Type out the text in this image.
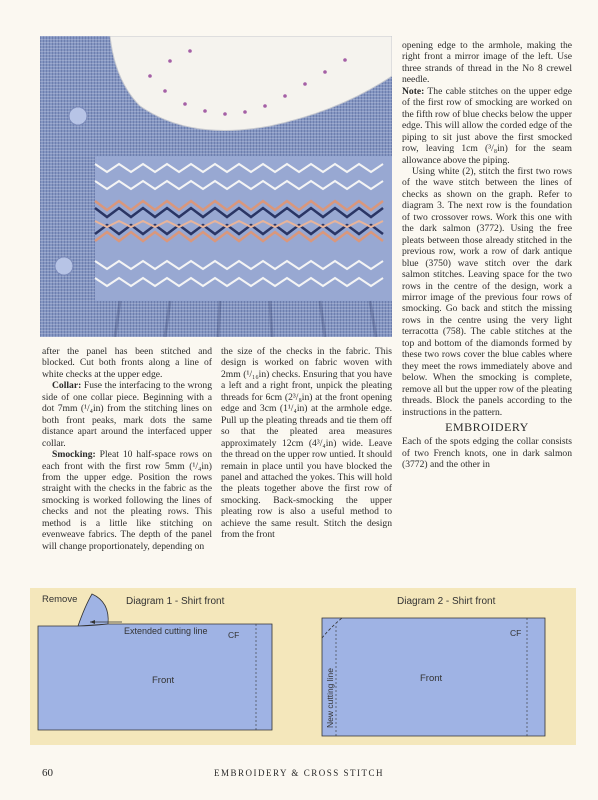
opening edge to the armhole, making the right front a mirror image of the left. Use three strands of thread in the No 8 crewel needle.

Note: The cable stitches on the upper edge of the first row of smocking are worked on the fifth row of blue checks below the upper edge. This will allow the corded edge of the piping to sit just above the first smocked row, leaving 1cm (³/₈in) for the seam allowance above the piping.

Using white (2), stitch the first two rows of the wave stitch between the lines of checks as shown on the graph. Refer to diagram 3. The next row is the foundation of two crossover rows. Work this one with the dark salmon (3772). Using the free pleats between those already stitched in the previous row, work a row of dark antique blue (3750) wave stitch over the dark salmon stitches. Leaving space for the two rows in the centre of the design, work a mirror image of the previous four rows of smocking. Go back and stitch the missing rows in the centre using the very light terracotta (758). The cable stitches at the top and bottom of the diamonds formed by these two rows cover the blue cables where they meet the rows immediately above and below. When the smocking is complete, remove all but the upper row of the pleating threads. Block the panels according to the instructions in the pattern.

EMBROIDERY

Each of the spots edging the collar consists of two French knots, one in dark salmon (3772) and the other in

after the panel has been stitched and blocked. Cut both fronts along a line of white checks at the upper edge.

Collar: Fuse the interfacing to the wrong side of one collar piece. Beginning with a dot 7mm (¹/₄in) from the stitching lines on both front peaks, mark dots the same distance apart around the interfaced upper collar.

Smocking: Pleat 10 half-space rows on each front with the first row 5mm (¹/₄in) from the upper edge. Position the rows straight with the checks in the fabric as the smocking is worked following the lines of checks and not the pleating rows. This method is a little like stitching on evenweave fabrics. The depth of the panel will change proportionately, depending on

the size of the checks in the fabric. This design is worked on fabric woven with 2mm (¹/₁₆in) checks. Ensuring that you have a left and a right front, unpick the pleating threads for 6cm (2³/₈in) at the front opening edge and 3cm (1¹/₄in) at the armhole edge. Pull up the pleating threads and tie them off so that the pleated area measures approximately 12cm (4³/₄in) wide. Leave the thread on the upper row untied. It should remain in place until you have blocked the panel and attached the yokes. This will hold the pleats together above the first row of smocking. Back-smocking the upper pleating row is also a useful method to achieve the same result. Stitch the design from the front

Diagram 1 - Shirt front
Remove
Extended cutting line CF
Front
Diagram 2 - Shirt front
New cutting line
CF
Front
60	EMBROIDERY & CROSS STITCH
